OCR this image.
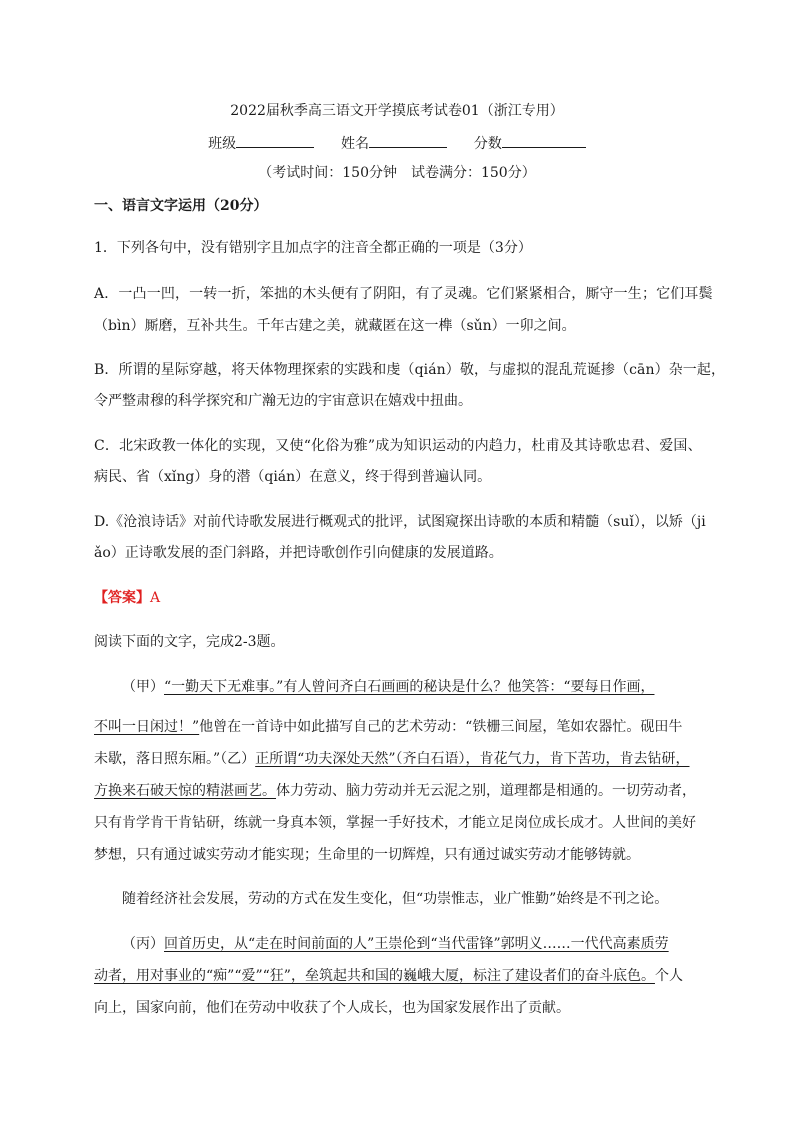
2022届秋季高三语文开学摸底考试卷01（浙江专用）
班级	姓名	分数
（考试时间：150分钟　试卷满分：150分）
一、语言文字运用（20分）
1．下列各句中，没有错别字且加点字的注音全都正确的一项是（3分）
A．一凸一凹，一转一折，笨拙的木头便有了阴阳，有了灵魂。它们紧紧相合，厮守一生；它们耳鬓
（bìn）厮磨，互补共生。千年古建之美，就藏匿在这一榫（sǔn）一卯之间。
B．所谓的星际穿越，将天体物理探索的实践和虔（qián）敬，与虚拟的混乱荒诞掺（cān）杂一起，
令严整肃穆的科学探究和广瀚无边的宇宙意识在嬉戏中扭曲。
C．北宋政教一体化的实现，又使“化俗为雅”成为知识运动的内趋力，杜甫及其诗歌忠君、爱国、
病民、省（xǐng）身的潜（qián）在意义，终于得到普遍认同。
D.《沧浪诗话》对前代诗歌发展进行概观式的批评，试图窥探出诗歌的本质和精髓（suǐ），以矫（ji
ǎo）正诗歌发展的歪门斜路，并把诗歌创作引向健康的发展道路。
【答案】A
阅读下面的文字，完成2-3题。
（甲）“一勤天下无难事。”有人曾问齐白石画画的秘诀是什么？他笑答：“要每日作画，
不叫一日闲过！”他曾在一首诗中如此描写自己的艺术劳动：“铁栅三间屋，笔如农器忙。砚田牛
未歇，落日照东厢。”（乙）正所谓“功夫深处天然”（齐白石语），肯花气力，肯下苦功，肯去钻研，
方换来石破天惊的精湛画艺。体力劳动、脑力劳动并无云泥之别，道理都是相通的。一切劳动者，
只有肯学肯干肯钻研，练就一身真本领，掌握一手好技术，才能立足岗位成长成才。人世间的美好
梦想，只有通过诚实劳动才能实现；生命里的一切辉煌，只有通过诚实劳动才能够铸就。
随着经济社会发展，劳动的方式在发生变化，但“功崇惟志，业广惟勤”始终是不刊之论。
（丙）回首历史，从“走在时间前面的人”王崇伦到“当代雷锋”郭明义……一代代高素质劳
动者，用对事业的“痴”“爱”“狂”，垒筑起共和国的巍峨大厦，标注了建设者们的奋斗底色。个人
向上，国家向前，他们在劳动中收获了个人成长，也为国家发展作出了贡献。
